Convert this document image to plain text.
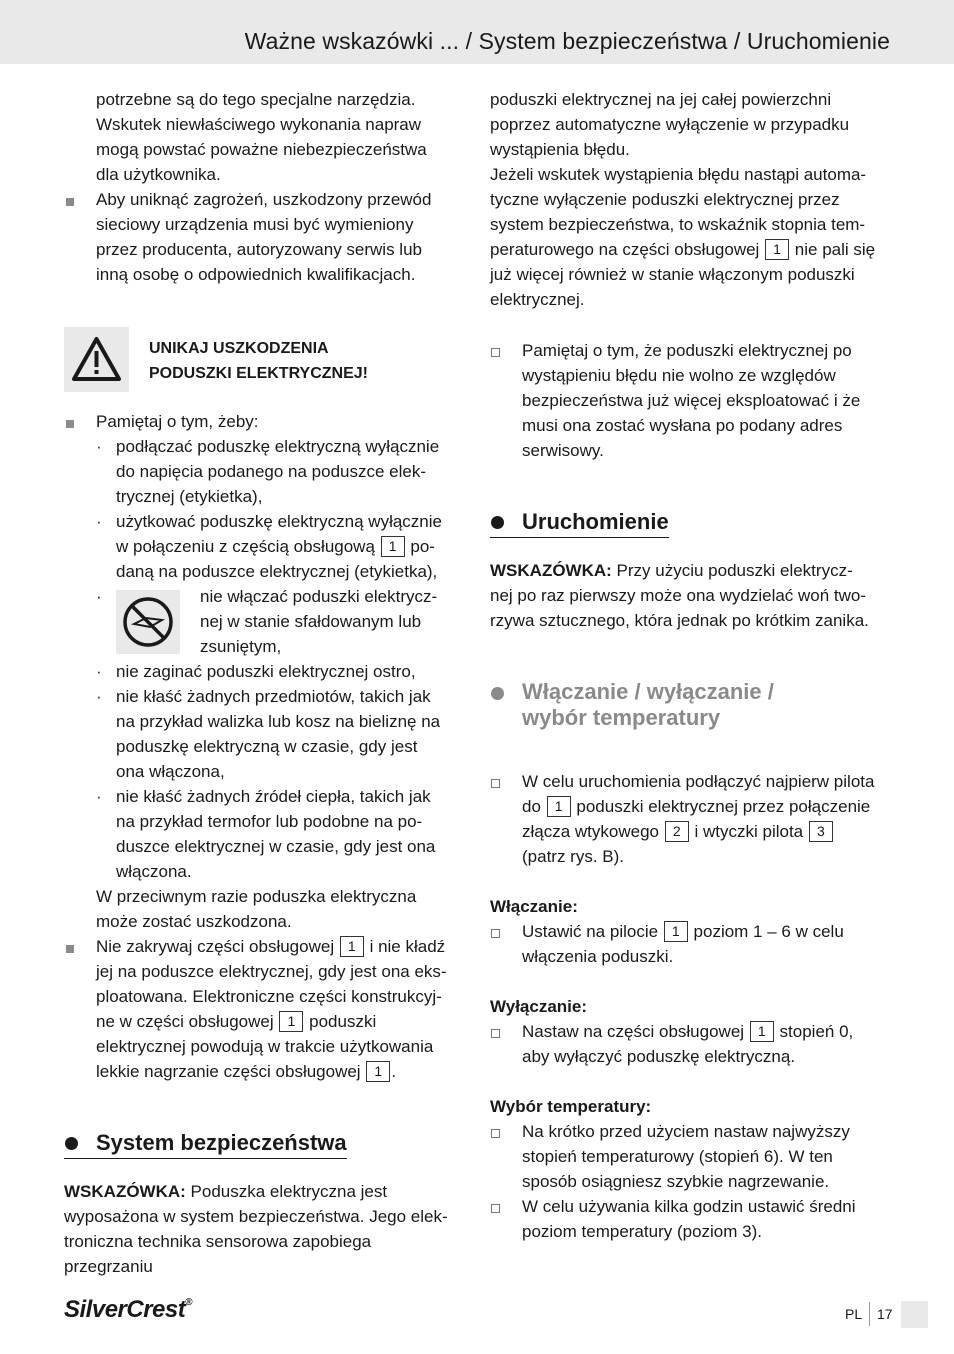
Ważne wskazówki ... / System bezpieczeństwa / Uruchomienie

potrzebne są do tego specjalne narzędzia.

Wskutek niewłaściwego wykonania napraw

mogą powstać poważne niebezpieczeństwa

dla użytkownika.

Aby uniknąć zagrożeń, uszkodzony przewód

sieciowy urządzenia musi być wymieniony

przez producenta, autoryzowany serwis lub

inną osobę o odpowiednich kwalifikacjach.

UNIKAJ USZKODZENIA

PODUSZKI ELEKTRYCZNEJ!

Pamiętaj o tym, żeby:

· podłączać poduszkę elektryczną wyłącznie

do napięcia podanego na poduszce elek-

trycznej (etykietka),

· użytkować poduszkę elektryczną wyłącznie

w połączeniu z częścią obsługową 1 po-

daną na poduszce elektrycznej (etykietka),

·	nie włączać poduszki elektrycz-

nej w stanie sfałdowanym lub

zsuniętym,

· nie zaginać poduszki elektrycznej ostro,

· nie kłaść żadnych przedmiotów, takich jak

na przykład walizka lub kosz na bieliznę na

poduszkę elektryczną w czasie, gdy jest

ona włączona,

· nie kłaść żadnych źródeł ciepła, takich jak

na przykład termofor lub podobne na po-

duszce elektrycznej w czasie, gdy jest ona

włączona.

W przeciwnym razie poduszka elektryczna

może zostać uszkodzona.

Nie zakrywaj części obsługowej 1 i nie kładź

jej na poduszce elektrycznej, gdy jest ona eks-

ploatowana. Elektroniczne części konstrukcyj-

ne w części obsługowej 1 poduszki

elektrycznej powodują w trakcie użytkowania

lekkie nagrzanie części obsługowej 1 .

System bezpieczeństwa

WSKAZÓWKA: Poduszka elektryczna jest

wyposażona w system bezpieczeństwa. Jego elek-

troniczna technika sensorowa zapobiega przegrzaniu

poduszki elektrycznej na jej całej powierzchni

poprzez automatyczne wyłączenie w przypadku

wystąpienia błędu.

Jeżeli wskutek wystąpienia błędu nastąpi automa-

tyczne wyłączenie poduszki elektrycznej przez

system bezpieczeństwa, to wskaźnik stopnia tem-

peraturowego na części obsługowej 1 nie pali się

już więcej również w stanie włączonym poduszki

elektrycznej.

Pamiętaj o tym, że poduszki elektrycznej po

wystąpieniu błędu nie wolno ze względów

bezpieczeństwa już więcej eksploatować i że

musi ona zostać wysłana po podany adres

serwisowy.

Uruchomienie

WSKAZÓWKA: Przy użyciu poduszki elektrycz-

nej po raz pierwszy może ona wydzielać woń two-

rzywa sztucznego, która jednak po krótkim zanika.

Włączanie / wyłączanie /
wybór temperatury

W celu uruchomienia podłączyć najpierw pilota

do 1 poduszki elektrycznej przez połączenie

złącza wtykowego 2 i wtyczki pilota 3

(patrz rys. B).

Włączanie:

Ustawić na pilocie 1 poziom 1 – 6 w celu

włączenia poduszki.

Wyłączanie:

Nastaw na części obsługowej 1 stopień 0,

aby wyłączyć poduszkę elektryczną.

Wybór temperatury:

Na krótko przed użyciem nastaw najwyższy

stopień temperaturowy (stopień 6). W ten

sposób osiągniesz szybkie nagrzewanie.

W celu używania kilka godzin ustawić średni

poziom temperatury (poziom 3).

SilverCrest®
PL 17
